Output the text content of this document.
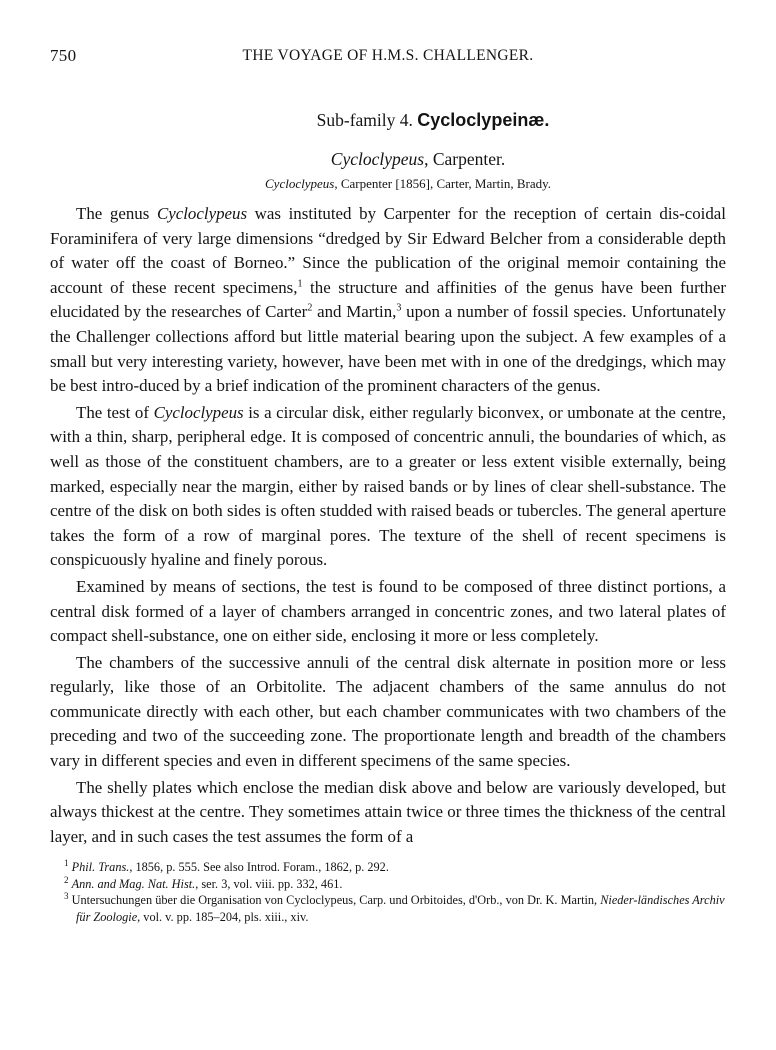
750	THE VOYAGE OF H.M.S. CHALLENGER.
Sub-family 4. Cycloclypeinæ.
Cycloclypeus, Carpenter.
Cycloclypeus, Carpenter [1856], Carter, Martin, Brady.

The genus Cycloclypeus was instituted by Carpenter for the reception of certain dis-coidal Foraminifera of very large dimensions “dredged by Sir Edward Belcher from a considerable depth of water off the coast of Borneo.” Since the publication of the original memoir containing the account of these recent specimens,$^1$ the structure and affinities of the genus have been further elucidated by the researches of Carter$^2$ and Martin,$^3$ upon a number of fossil species. Unfortunately the Challenger collections afford but little material bearing upon the subject. A few examples of a small but very interesting variety, however, have been met with in one of the dredgings, which may be best intro-duced by a brief indication of the prominent characters of the genus.

The test of Cycloclypeus is a circular disk, either regularly biconvex, or umbonate at the centre, with a thin, sharp, peripheral edge. It is composed of concentric annuli, the boundaries of which, as well as those of the constituent chambers, are to a greater or less extent visible externally, being marked, especially near the margin, either by raised bands or by lines of clear shell-substance. The centre of the disk on both sides is often studded with raised beads or tubercles. The general aperture takes the form of a row of marginal pores. The texture of the shell of recent specimens is conspicuously hyaline and finely porous.

Examined by means of sections, the test is found to be composed of three distinct portions, a central disk formed of a layer of chambers arranged in concentric zones, and two lateral plates of compact shell-substance, one on either side, enclosing it more or less completely.

The chambers of the successive annuli of the central disk alternate in position more or less regularly, like those of an Orbitolite. The adjacent chambers of the same annulus do not communicate directly with each other, but each chamber communicates with two chambers of the preceding and two of the succeeding zone. The proportionate length and breadth of the chambers vary in different species and even in different specimens of the same species.

The shelly plates which enclose the median disk above and below are variously developed, but always thickest at the centre. They sometimes attain twice or three times the thickness of the central layer, and in such cases the test assumes the form of a

$^1$ Phil. Trans., 1856, p. 555. See also Introd. Foram., 1862, p. 292.

$^2$ Ann. and Mag. Nat. Hist., ser. 3, vol. viii. pp. 332, 461.

$^3$ Untersuchungen über die Organisation von Cycloclypeus, Carp. und Orbitoides, d'Orb., von Dr. K. Martin, Nieder-ländisches Archiv für Zoologie, vol. v. pp. 185–204, pls. xiii., xiv.
